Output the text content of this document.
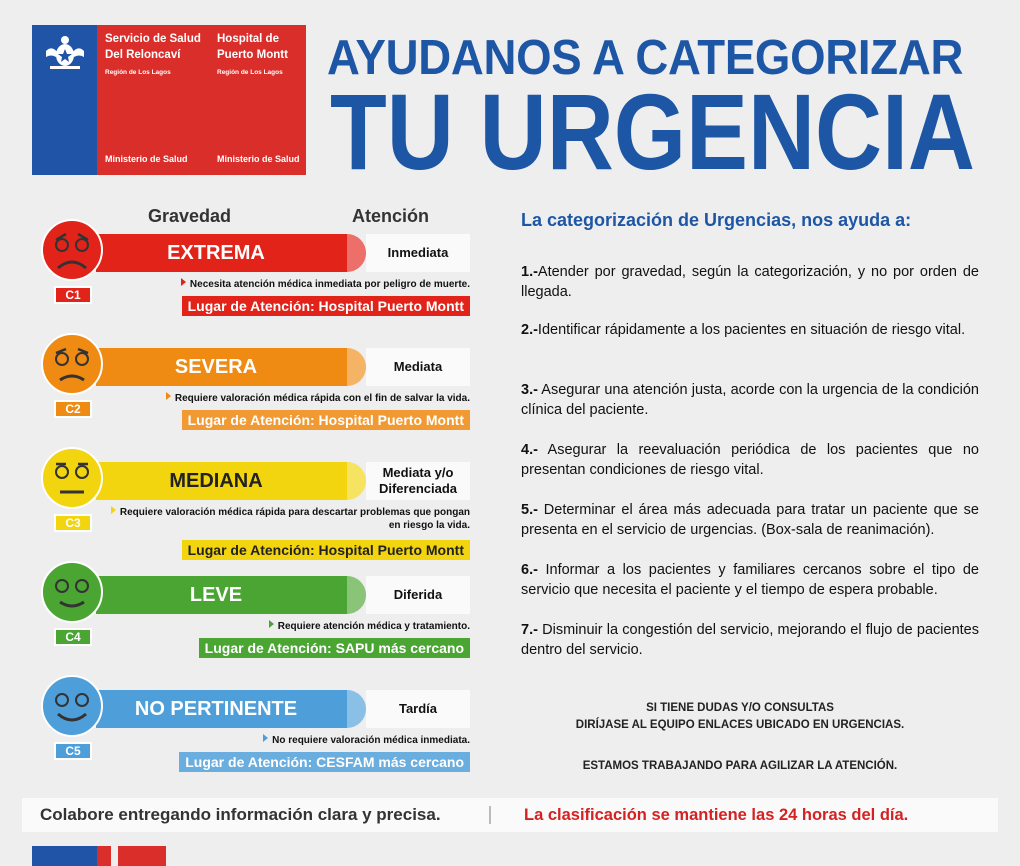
Servicio de Salud Del Reloncaví
Región de Los Lagos
Ministerio de Salud
Hospital de Puerto Montt
Región de Los Lagos
Ministerio de Salud
AYUDANOS A CATEGORIZAR
TU URGENCIA
Gravedad	Atención
EXTREMA
C1
Inmediata
Necesita atención médica inmediata por peligro de muerte.
Lugar de Atención: Hospital Puerto Montt
SEVERA
C2
Mediata
Requiere valoración médica rápida con el fin de salvar la vida.
Lugar de Atención: Hospital Puerto Montt
MEDIANA
C3
Mediata y/o Diferenciada
Requiere valoración médica rápida para descartar problemas que pongan en riesgo la vida.
Lugar de Atención: Hospital Puerto Montt
LEVE
C4
Diferida
Requiere atención médica y tratamiento.
Lugar de Atención: SAPU más cercano
NO PERTINENTE
C5
Tardía
No requiere valoración médica inmediata.
Lugar de Atención: CESFAM más cercano
La categorización de Urgencias, nos ayuda a:
1.-Atender por gravedad, según la categorización, y no por orden de llegada.
2.-Identificar rápidamente a los pacientes en situación de riesgo vital.
3.- Asegurar una atención justa, acorde con la urgencia de la condición clínica del paciente.
4.- Asegurar la reevaluación periódica de los pacientes que no presentan condiciones de riesgo vital.
5.- Determinar el área más adecuada para tratar un paciente que se presenta en el servicio de urgencias. (Box-sala de reanimación).
6.- Informar a los pacientes y familiares cercanos sobre el tipo de servicio que necesita el paciente y el tiempo de espera probable.
7.- Disminuir la congestión del servicio, mejorando el flujo de pacientes dentro del servicio.
SI TIENE DUDAS Y/O CONSULTAS
DIRÍJASE AL EQUIPO ENLACES UBICADO EN URGENCIAS.
ESTAMOS TRABAJANDO PARA AGILIZAR LA ATENCIÓN.
Colabore entregando información clara y precisa.	La clasificación se mantiene las 24 horas del día.
